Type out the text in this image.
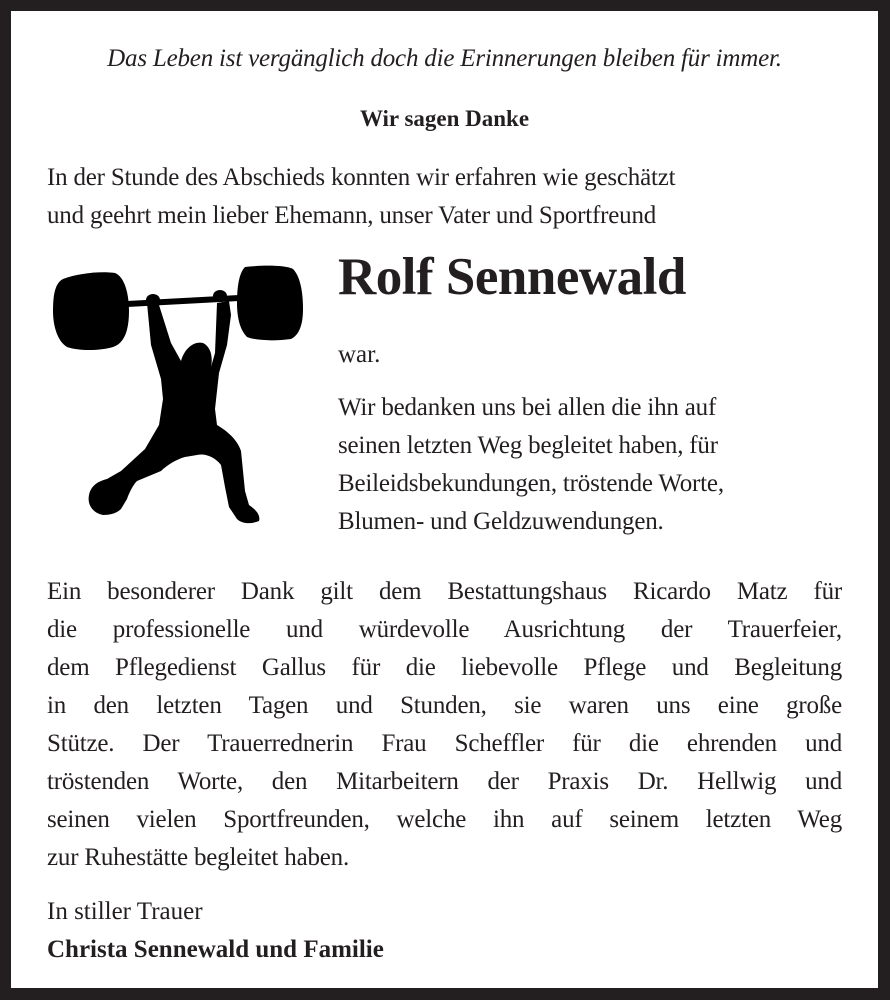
Das Leben ist vergänglich doch die Erinnerungen bleiben für immer.
Wir sagen Danke
In der Stunde des Abschieds konnten wir erfahren wie geschätzt
und geehrt mein lieber Ehemann, unser Vater und Sportfreund
Rolf Sennewald
war.
Wir bedanken uns bei allen die ihn auf
seinen letzten Weg begleitet haben, für
Beileidsbekundungen, tröstende Worte,
Blumen- und Geldzuwendungen.
Ein besonderer Dank gilt dem Bestattungshaus Ricardo Matz für
die professionelle und würdevolle Ausrichtung der Trauerfeier,
dem Pflegedienst Gallus für die liebevolle Pflege und Begleitung
in den letzten Tagen und Stunden, sie waren uns eine große
Stütze. Der Trauerrednerin Frau Scheffler für die ehrenden und
tröstenden Worte, den Mitarbeitern der Praxis Dr. Hellwig und
seinen vielen Sportfreunden, welche ihn auf seinem letzten Weg
zur Ruhestätte begleitet haben.
In stiller Trauer
Christa Sennewald und Familie
